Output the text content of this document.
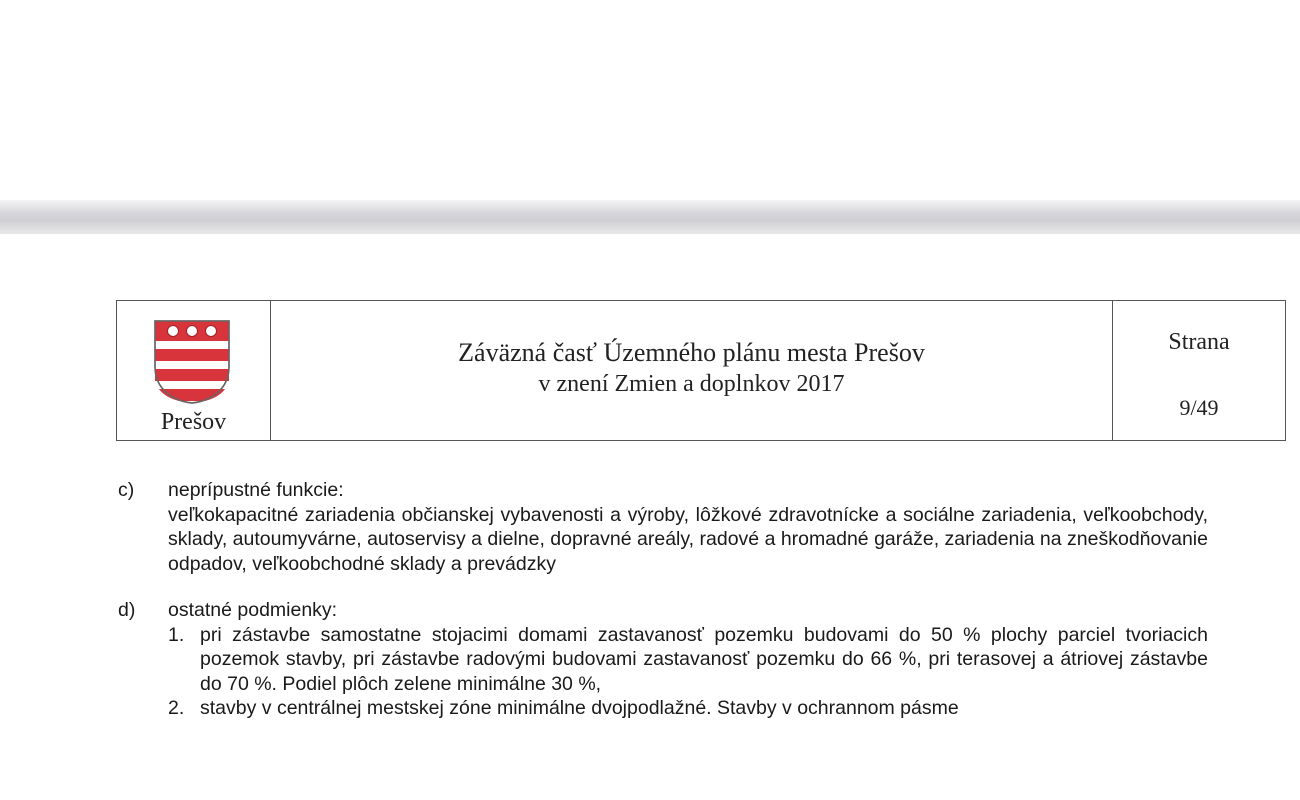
Prešov
Záväzná časť Územného plánu mesta Prešov
v znení Zmien a doplnkov 2017
Strana
9/49
c)	neprípustné funkcie:
veľkokapacitné zariadenia občianskej vybavenosti a výroby, lôžkové zdravotnícke a sociálne zariadenia, veľkoobchody, sklady, autoumyvárne, autoservisy a dielne, dopravné areály, radové a hromadné garáže, zariadenia na zneškodňovanie odpadov, veľkoobchodné sklady a prevádzky
d)	ostatné podmienky:
1. pri zástavbe samostatne stojacimi domami zastavanosť pozemku budovami do 50 % plochy parciel tvoriacich pozemok stavby, pri zástavbe radovými budovami zastavanosť pozemku do 66 %, pri terasovej a átriovej zástavbe do 70 %. Podiel plôch zelene minimálne 30 %,
2. stavby v centrálnej mestskej zóne minimálne dvojpodlažné. Stavby v ochrannom pásme
